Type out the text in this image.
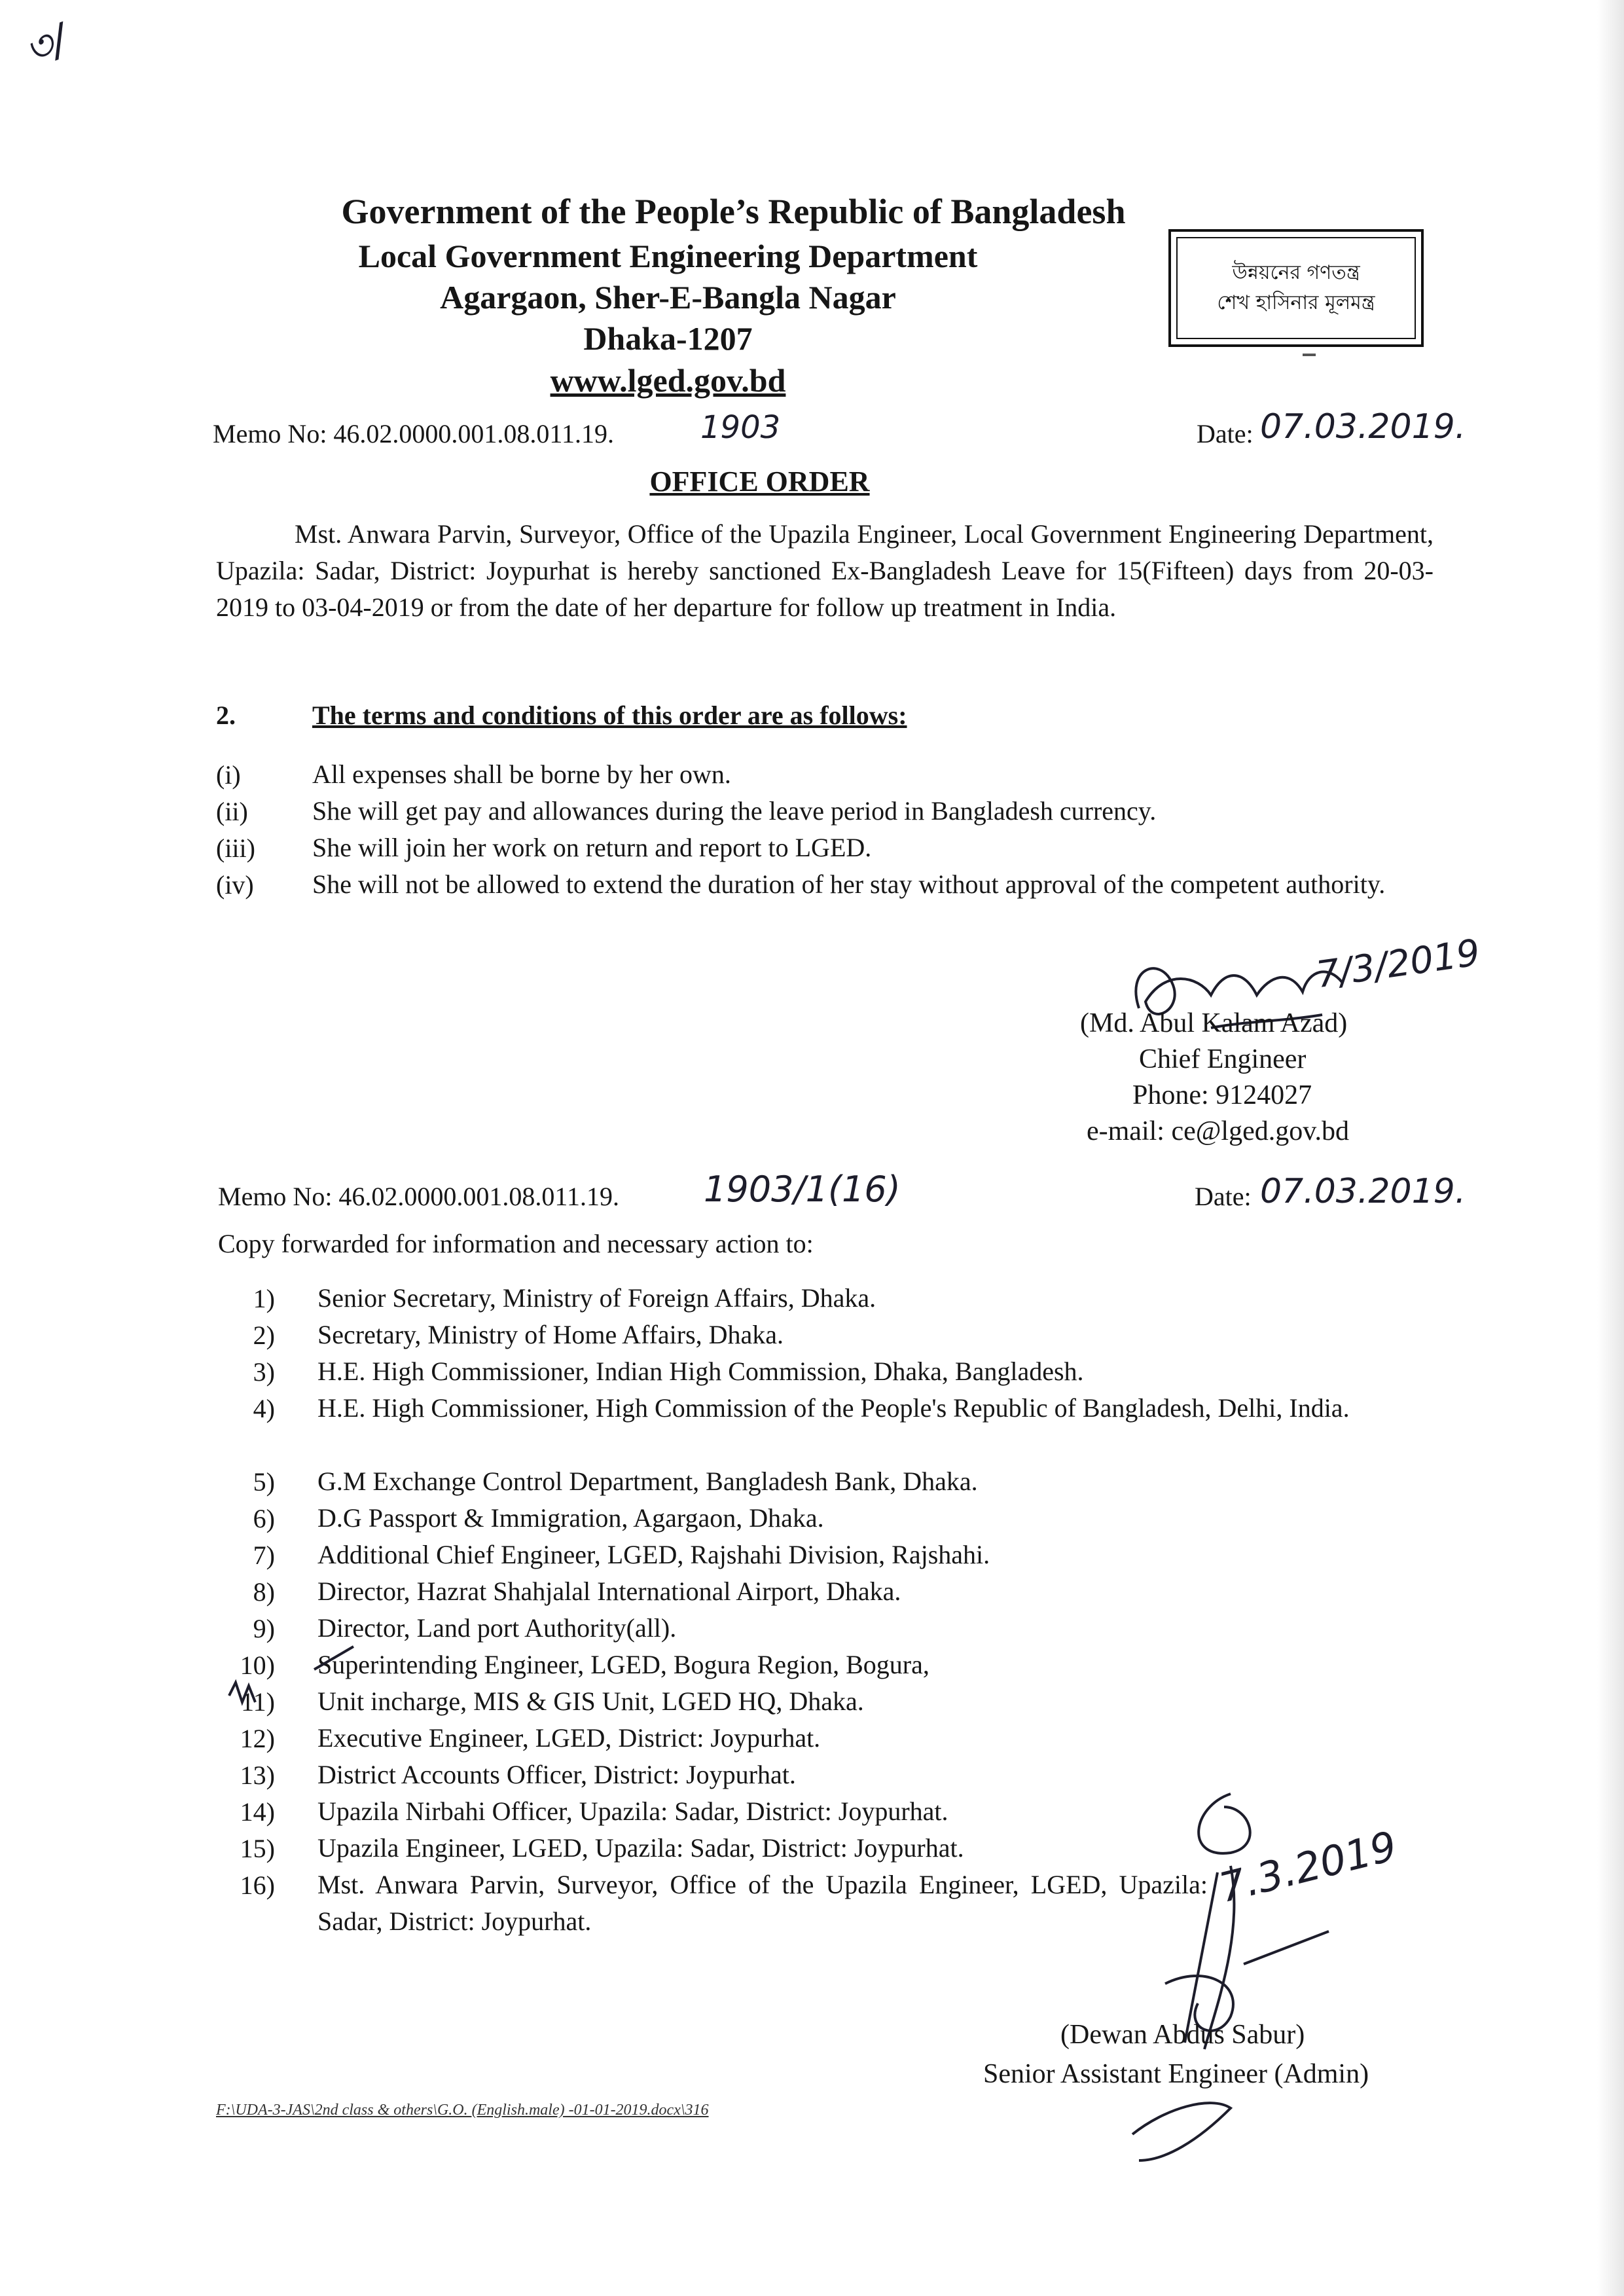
৩/
Government of the People’s Republic of Bangladesh
Local Government Engineering Department
Agargaon, Sher-E-Bangla Nagar
Dhaka-1207
www.lged.gov.bd
উন্নয়নের গণতন্ত্র
শেখ হাসিনার মূলমন্ত্র
Memo No: 46.02.0000.001.08.011.19.	1903	Date: 07.03.2019.
OFFICE ORDER
Mst. Anwara Parvin, Surveyor, Office of the Upazila Engineer, Local Government Engineering Department, Upazila: Sadar, District: Joypurhat is hereby sanctioned Ex-Bangladesh Leave for 15(Fifteen) days from 20-03-2019 to 03-04-2019 or from the date of her departure for follow up treatment in India.
2.	The terms and conditions of this order are as follows:
(i)	All expenses shall be borne by her own.
(ii) She will get pay and allowances during the leave period in Bangladesh currency.
(iii) She will join her work on return and report to LGED.
(iv) She will not be allowed to extend the duration of her stay without approval of the competent authority.
7/3/2019
(Md. Abul Kalam Azad)
Chief Engineer
Phone: 9124027
e-mail: ce@lged.gov.bd
Memo No: 46.02.0000.001.08.011.19. 1903/1(16)	Date: 07.03.2019.
Copy forwarded for information and necessary action to:
1) Senior Secretary, Ministry of Foreign Affairs, Dhaka.
2) Secretary, Ministry of Home Affairs, Dhaka.
3) H.E. High Commissioner, Indian High Commission, Dhaka, Bangladesh.
4) H.E. High Commissioner, High Commission of the People's Republic of Bangladesh, Delhi, India.
5) G.M Exchange Control Department, Bangladesh Bank, Dhaka.
6) D.G Passport & Immigration, Agargaon, Dhaka.
7) Additional Chief Engineer, LGED, Rajshahi Division, Rajshahi.
8) Director, Hazrat Shahjalal International Airport, Dhaka.
9) Director, Land port Authority(all).
10) Superintending Engineer, LGED, Bogura Region, Bogura,
11) Unit incharge, MIS & GIS Unit, LGED HQ, Dhaka.
12) Executive Engineer, LGED, District: Joypurhat.
13) District Accounts Officer, District: Joypurhat.
14) Upazila Nirbahi Officer, Upazila: Sadar, District: Joypurhat.
15) Upazila Engineer, LGED, Upazila: Sadar, District: Joypurhat.
16) Mst. Anwara Parvin, Surveyor, Office of the Upazila Engineer, LGED, Upazila: Sadar, District: Joypurhat.
7.3.2019
(Dewan Abdus Sabur)
Senior Assistant Engineer (Admin)
F:\UDA-3-JAS\2nd class & others\G.O. (English.male) -01-01-2019.docx\316
